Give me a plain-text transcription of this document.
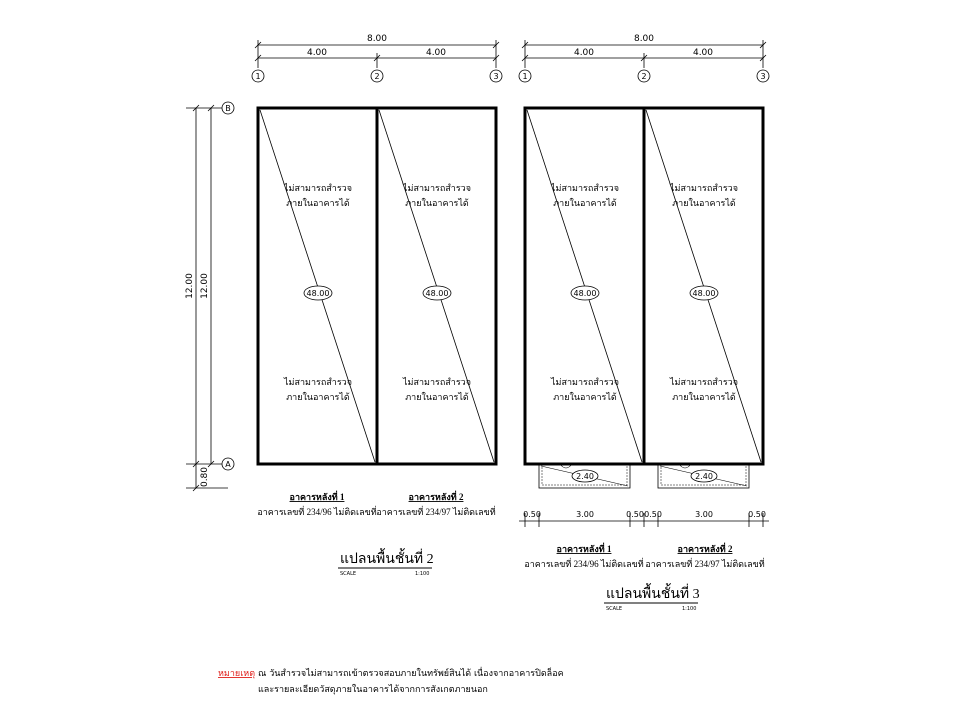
8.00
4.00	4.00
1	2	3
12.00 12.00
0.80
B
A
ไม่สามารถสำรวจ
ภายในอาคารได้
48.00
ไม่สามารถสำรวจ
ภายในอาคารได้
ไม่สามารถสำรวจ
ภายในอาคารได้
48.00
ไม่สามารถสำรวจ
ภายในอาคารได้
อาคารหลังที่ 1
อาคารเลขที่ 234/96 ไม่ติดเลขที่
อาคารหลังที่ 2
อาคารเลขที่ 234/97 ไม่ติดเลขที่
แปลนพื้นชั้นที่ 2
SCALE	1:100
8.00
4.00	4.00
1	2	3
ไม่สามารถสำรวจ
ภายในอาคารได้
48.00
ไม่สามารถสำรวจ
ภายในอาคารได้
ไม่สามารถสำรวจ
ภายในอาคารได้
48.00
ไม่สามารถสำรวจ
ภายในอาคารได้
2.40	2.40
0.50	3.00	0.50 0.50	3.00	0.50
อาคารหลังที่ 1
อาคารเลขที่ 234/96 ไม่ติดเลขที่
อาคารหลังที่ 2
อาคารเลขที่ 234/97 ไม่ติดเลขที่
แปลนพื้นชั้นที่ 3
SCALE	1:100
หมายเหตุ ณ วันสำรวจไม่สามารถเข้าตรวจสอบภายในทรัพย์สินได้ เนื่องจากอาคารปิดล็อค
และรายละเอียดวัสดุภายในอาคารได้จากการสังเกตภายนอก
